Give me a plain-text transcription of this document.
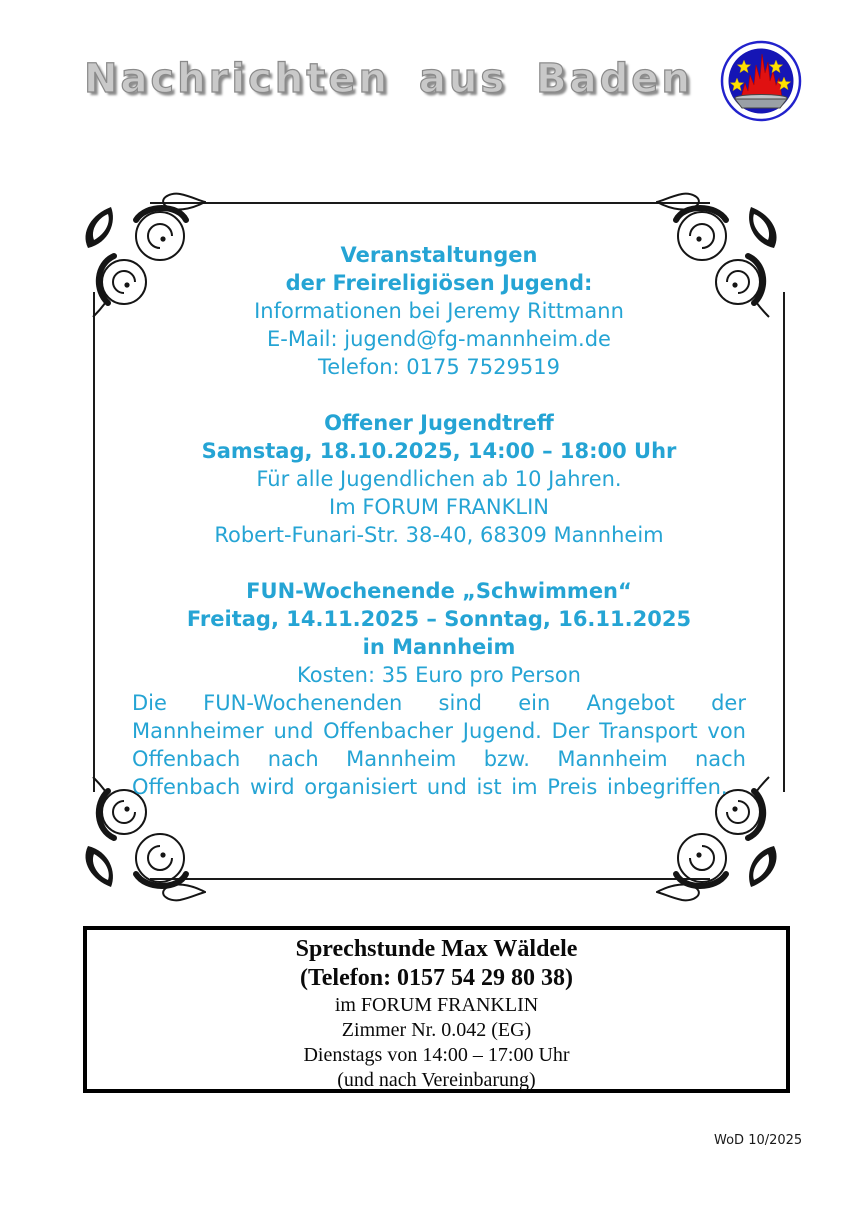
Nachrichten aus Baden
Veranstaltungen
der Freireligiösen Jugend:
Informationen bei Jeremy Rittmann
E-Mail: jugend@fg-mannheim.de
Telefon: 0175 7529519
Offener Jugendtreff
Samstag, 18.10.2025, 14:00 – 18:00 Uhr
Für alle Jugendlichen ab 10 Jahren.
Im FORUM FRANKLIN
Robert-Funari-Str. 38-40, 68309 Mannheim
FUN-Wochenende „Schwimmen“
Freitag, 14.11.2025 – Sonntag, 16.11.2025
in Mannheim
Kosten: 35 Euro pro Person

Die FUN-Wochenenden sind ein Angebot der Mannheimer und Offenbacher Jugend. Der Transport von Offenbach nach Mannheim bzw. Mannheim nach Offenbach wird organisiert und ist im Preis inbegriffen.

Sprechstunde Max Wäldele
(Telefon: 0157 54 29 80 38)
im FORUM FRANKLIN
Zimmer Nr. 0.042 (EG)
Dienstags von 14:00 – 17:00 Uhr
(und nach Vereinbarung)
WoD 10/2025
